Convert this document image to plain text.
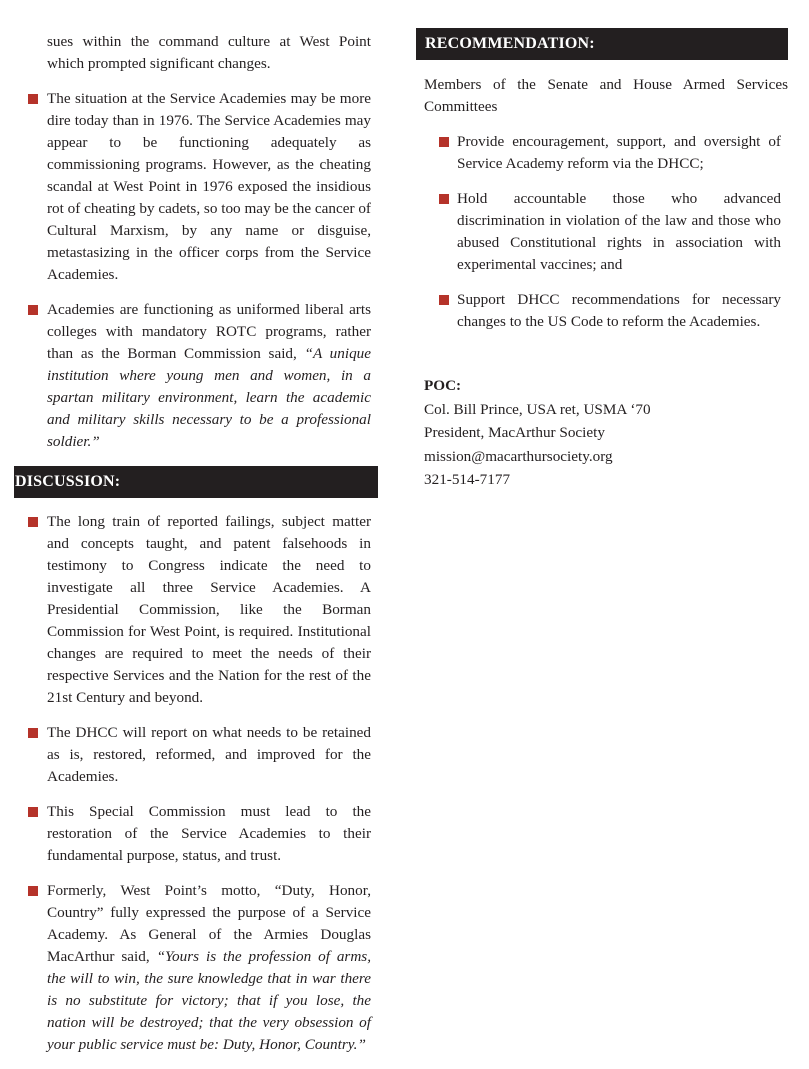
sues within the command culture at West Point which prompted significant changes.

The situation at the Service Academies may be more dire today than in 1976. The Service Academies may appear to be functioning adequately as commissioning programs. However, as the cheating scandal at West Point in 1976 exposed the insidious rot of cheating by cadets, so too may be the cancer of Cultural Marxism, by any name or disguise, metastasizing in the officer corps from the Service Academies.
Academies are functioning as uniformed liberal arts colleges with mandatory ROTC programs, rather than as the Borman Commission said, “A unique institution where young men and women, in a spartan military environment, learn the academic and military skills necessary to be a professional soldier.”
DISCUSSION:
The long train of reported failings, subject matter and concepts taught, and patent falsehoods in testimony to Congress indicate the need to investigate all three Service Academies. A Presidential Commission, like the Borman Commission for West Point, is required. Institutional changes are required to meet the needs of their respective Services and the Nation for the rest of the 21st Century and beyond.
The DHCC will report on what needs to be retained as is, restored, reformed, and improved for the Academies.
This Special Commission must lead to the restoration of the Service Academies to their fundamental purpose, status, and trust.
Formerly, West Point’s motto, “Duty, Honor, Country” fully expressed the purpose of a Service Academy. As General of the Armies Douglas MacArthur said, “Yours is the profession of arms, the will to win, the sure knowledge that in war there is no substitute for victory; that if you lose, the nation will be destroyed; that the very obsession of your public service must be: Duty, Honor, Country.”
RECOMMENDATION:

Members of the Senate and House Armed Services Committees

Provide encouragement, support, and oversight of Service Academy reform via the DHCC;
Hold accountable those who advanced discrimination in violation of the law and those who abused Constitutional rights in association with experimental vaccines; and
Support DHCC recommendations for necessary changes to the US Code to reform the Academies.
POC:
Col. Bill Prince, USA ret, USMA ‘70
President, MacArthur Society
mission@macarthursociety.org
321-514-7177
